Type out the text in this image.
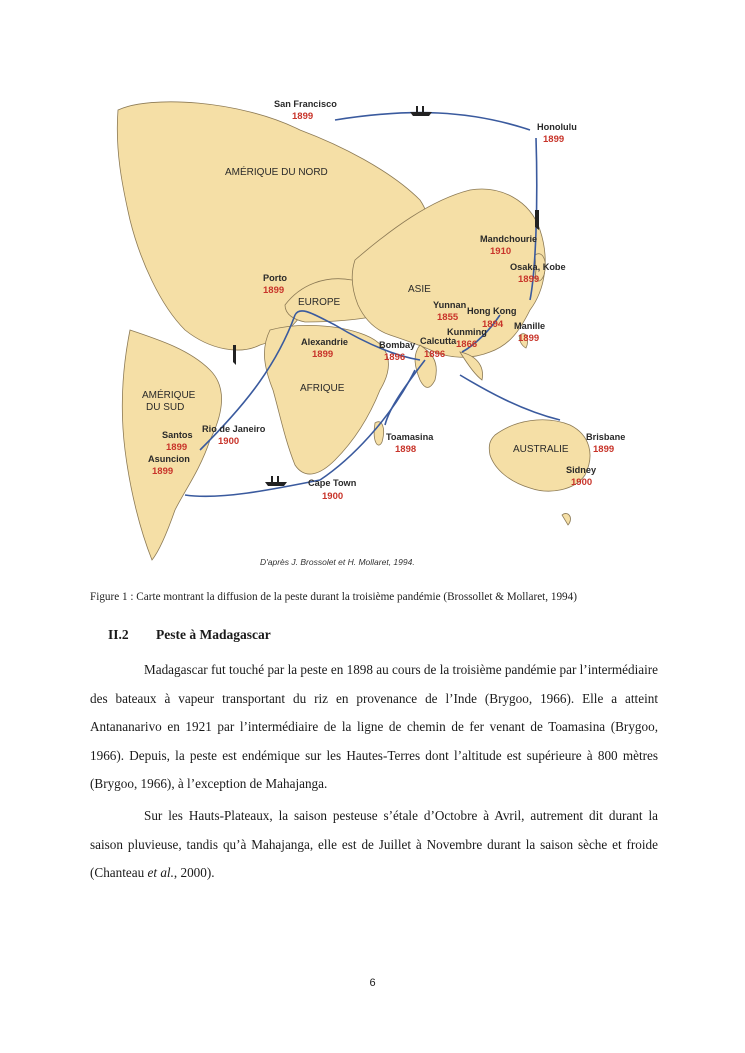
San Francisco
1899
Honolulu
1899
AMÉRIQUE DU NORD
Mandchourie
1910
Osaka, Kobe
1899
Porto
1899
EUROPE
ASIE
Yunnan
1855
Hong Kong
1894
Kunming
1866
Manille
1899
Alexandrie
1899
Bombay
1896
Calcutta
1896
AFRIQUE
AMÉRIQUE
DU SUD
Rio de Janeiro
1900
Santos
1899
Asuncion
1899
Toamasina
1898	AUSTRALIE
Brisbane
1899
Sidney
1900
Cape Town
1900
D'après J. Brossolet et H. Mollaret, 1994.
Figure 1 : Carte montrant la diffusion de la peste durant la troisième pandémie (Brossollet & Mollaret, 1994)
II.2 Peste à Madagascar
Madagascar fut touché par la peste en 1898 au cours de la troisième pandémie par l’intermédiaire des bateaux à vapeur transportant du riz en provenance de l’Inde (Brygoo, 1966). Elle a atteint Antananarivo en 1921 par l’intermédiaire de la ligne de chemin de fer venant de Toamasina (Brygoo, 1966). Depuis, la peste est endémique sur les Hautes-Terres dont l’altitude est supérieure à 800 mètres (Brygoo, 1966), à l’exception de Mahajanga.
Sur les Hauts-Plateaux, la saison pesteuse s’étale d’Octobre à Avril, autrement dit durant la saison pluvieuse, tandis qu’à Mahajanga, elle est de Juillet à Novembre durant la saison sèche et froide (Chanteau et al., 2000).
6
